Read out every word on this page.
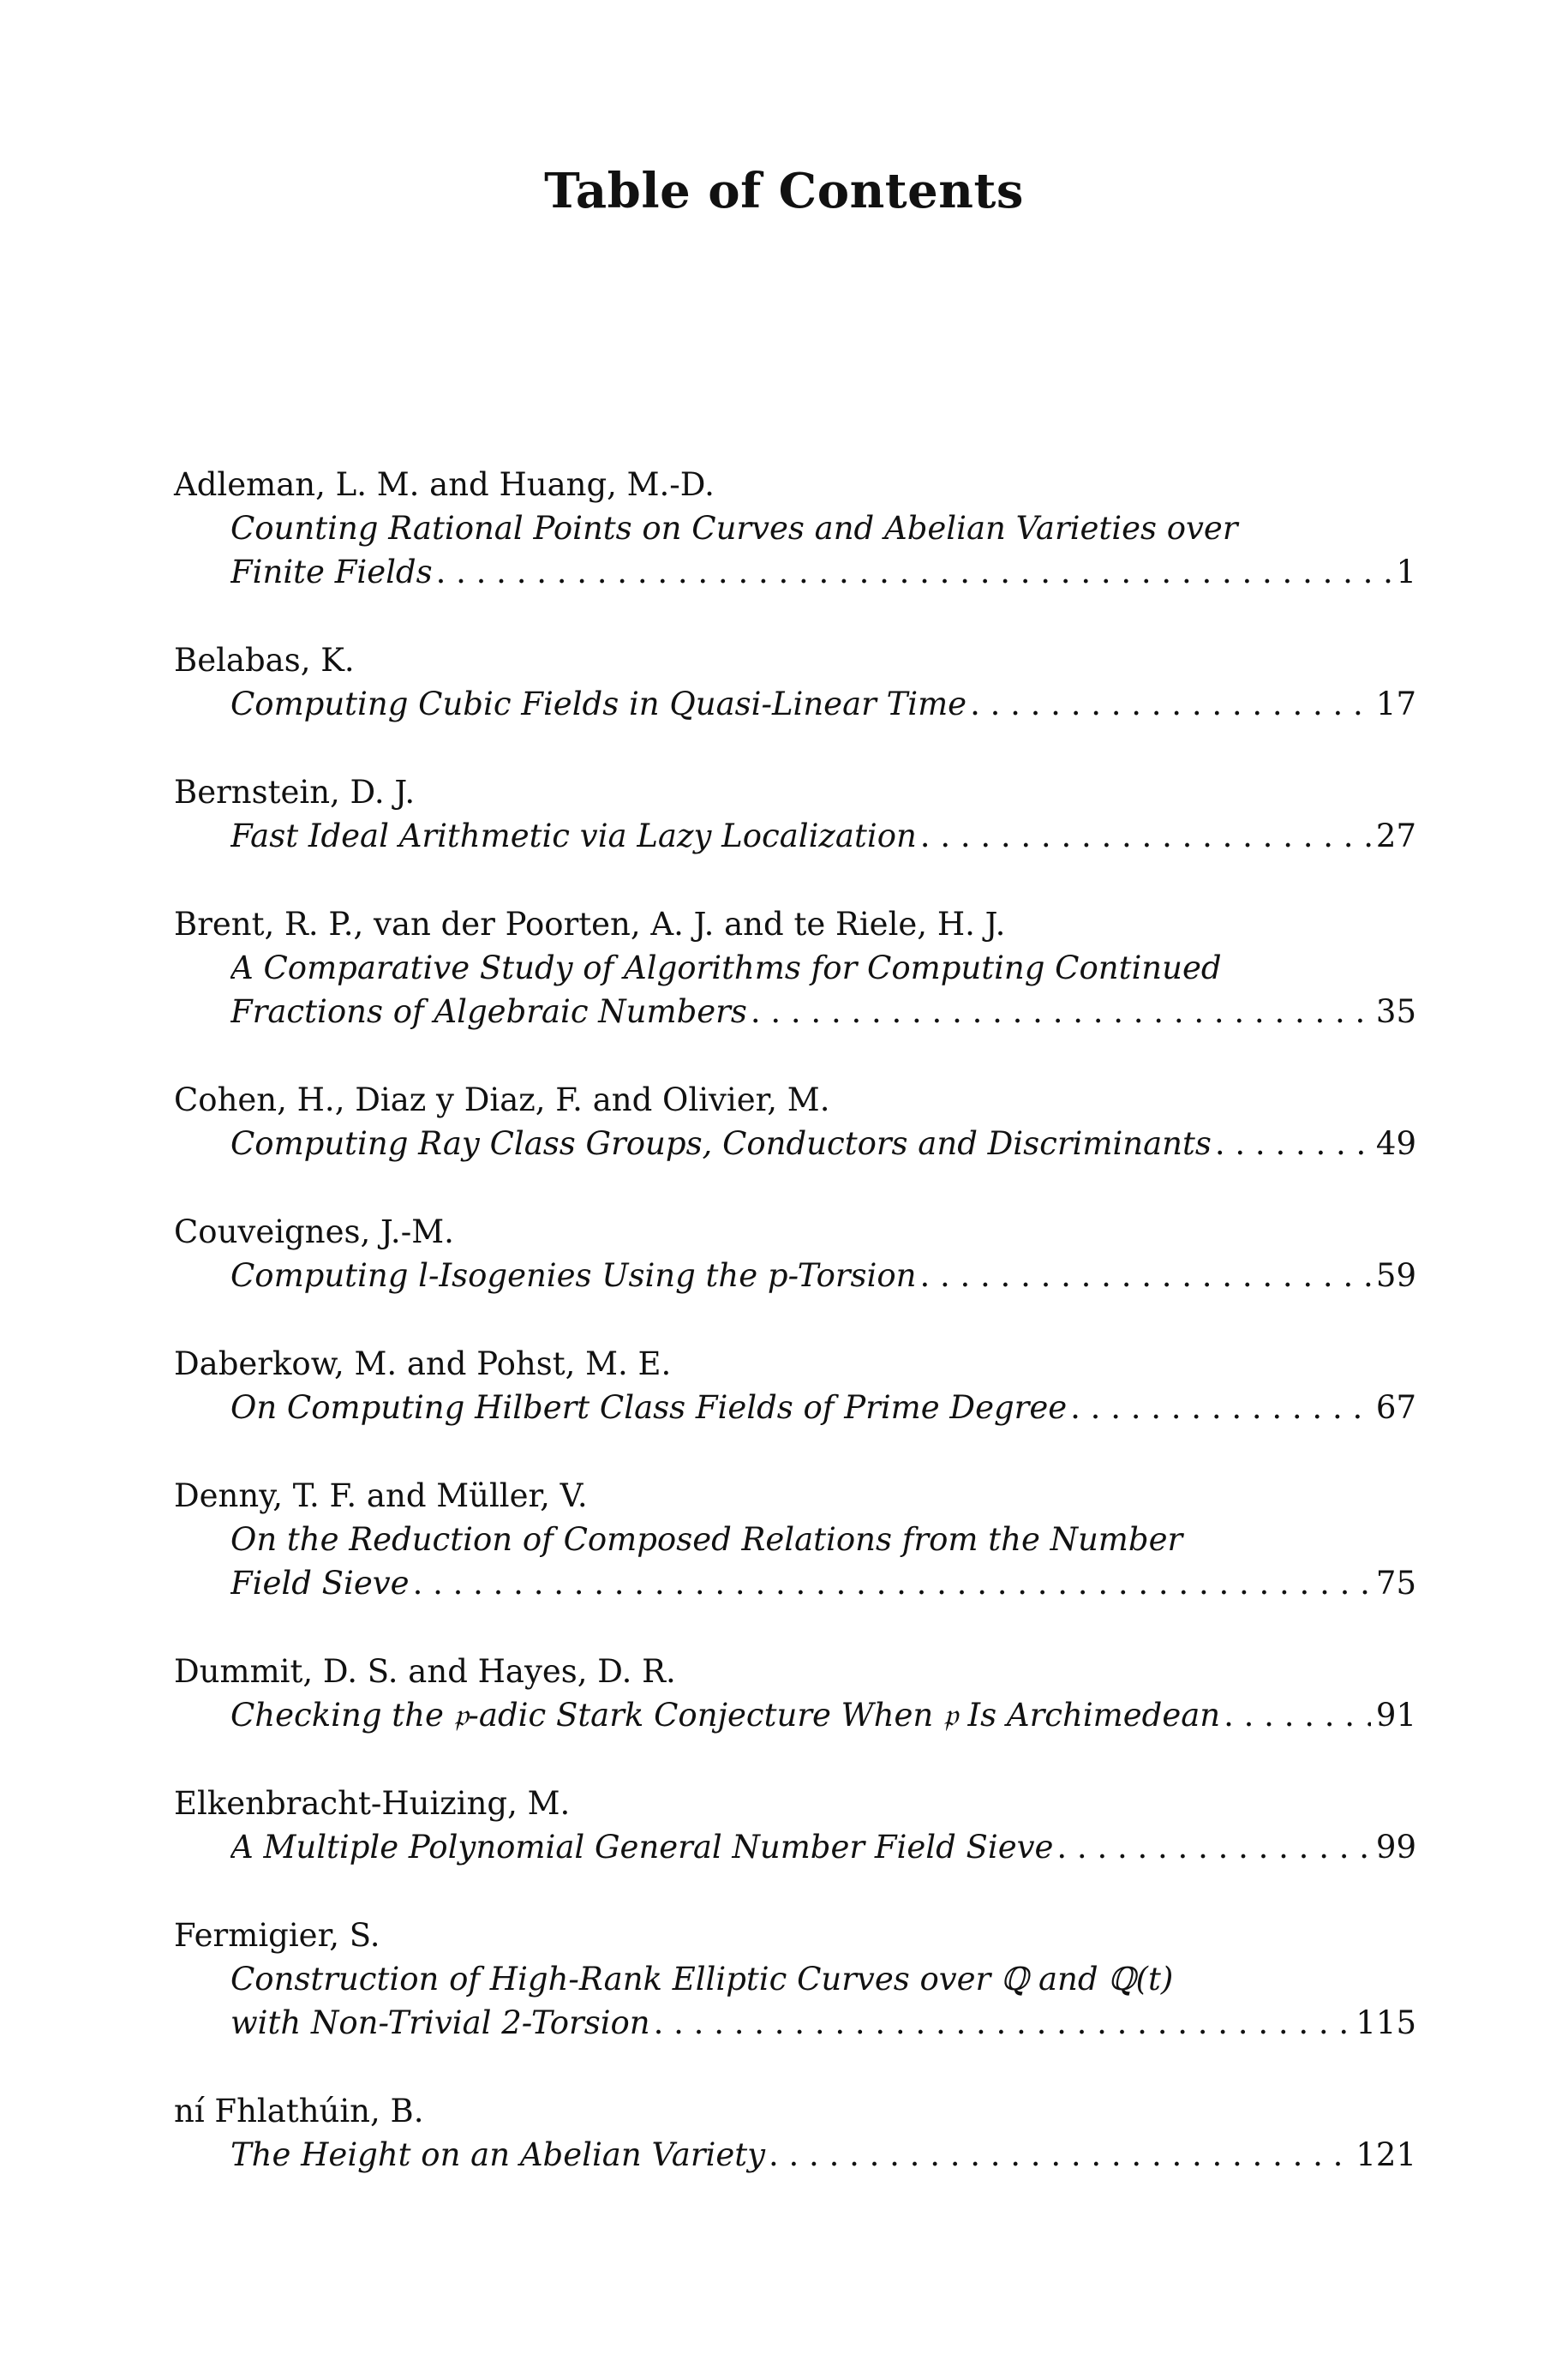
Table of Contents
Adleman, L. M. and Huang, M.-D.
Counting Rational Points on Curves and Abelian Varieties over
Finite Fields . . .	1
Belabas, K.
Computing Cubic Fields in Quasi-Linear Time . . .	17
Bernstein, D. J.
Fast Ideal Arithmetic via Lazy Localization . . .	27
Brent, R. P., van der Poorten, A. J. and te Riele, H. J.
A Comparative Study of Algorithms for Computing Continued
Fractions of Algebraic Numbers . . .	35
Cohen, H., Diaz y Diaz, F. and Olivier, M.
Computing Ray Class Groups, Conductors and Discriminants . . .	49
Couveignes, J.-M.
Computing l-Isogenies Using the p-Torsion . . .	59
Daberkow, M. and Pohst, M. E.
On Computing Hilbert Class Fields of Prime Degree . . .	67
Denny, T. F. and Müller, V.
On the Reduction of Composed Relations from the Number
Field Sieve . . .	75
Dummit, D. S. and Hayes, D. R.
Checking the 𝔭-adic Stark Conjecture When 𝔭 Is Archimedean . . .	91
Elkenbracht-Huizing, M.
A Multiple Polynomial General Number Field Sieve . . .	99
Fermigier, S.
Construction of High-Rank Elliptic Curves over ℚ and ℚ(t)
with Non-Trivial 2-Torsion . . .	115
ní Fhlathúin, B.
The Height on an Abelian Variety . . .	121
